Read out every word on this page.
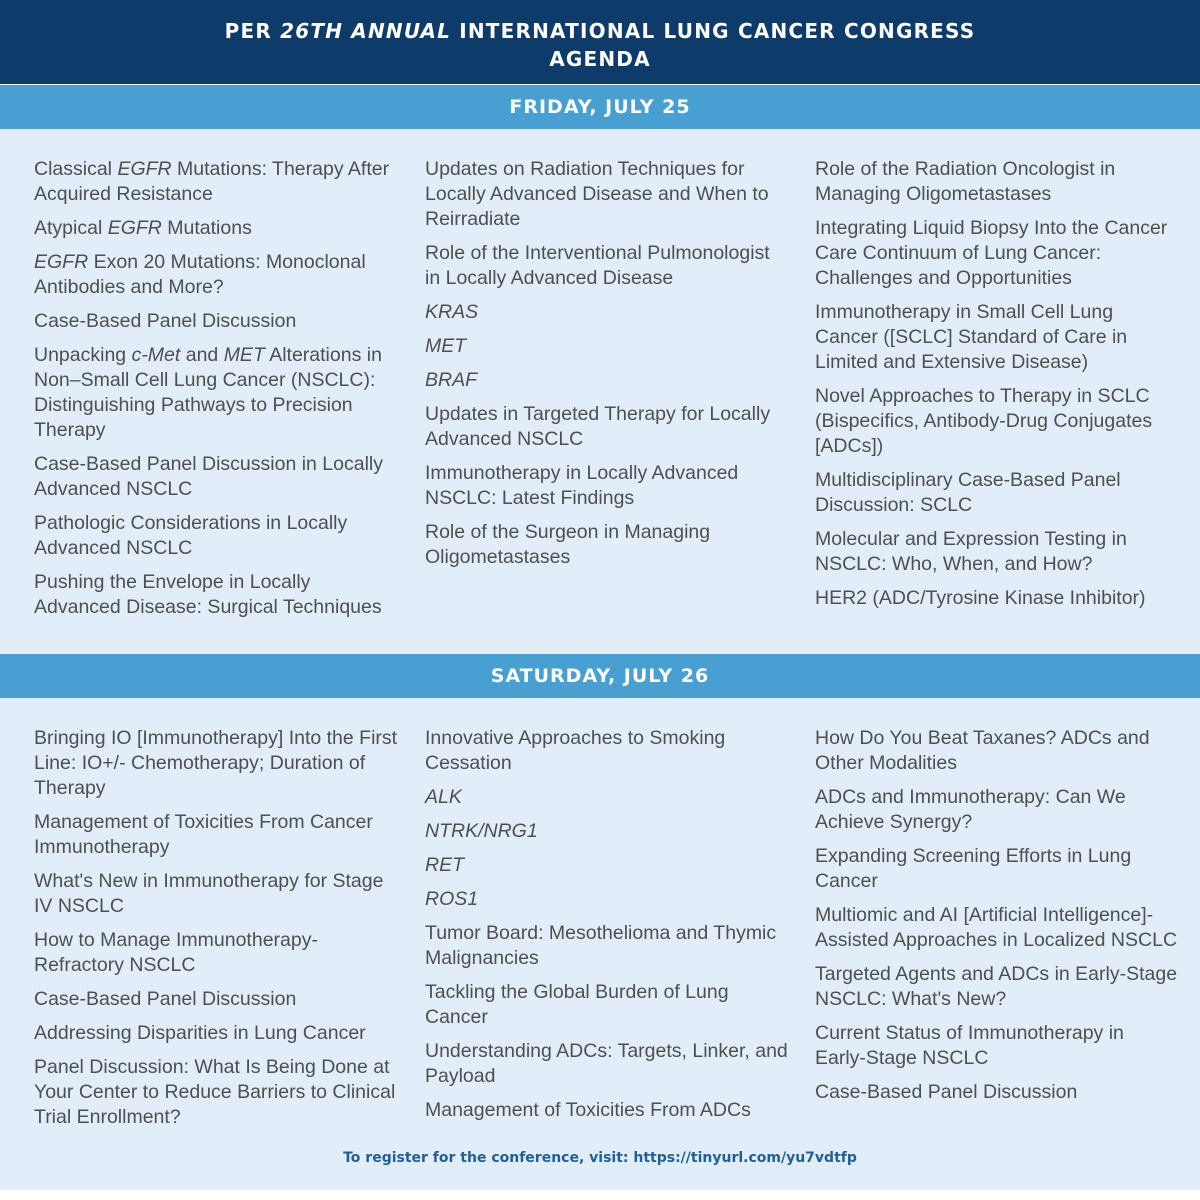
PER 26TH ANNUAL INTERNATIONAL LUNG CANCER CONGRESS
AGENDA
FRIDAY, JULY 25
Classical EGFR Mutations: Therapy After Acquired Resistance
Atypical EGFR Mutations
EGFR Exon 20 Mutations: Monoclonal Antibodies and More?
Case-Based Panel Discussion
Unpacking c-Met and MET Alterations in Non–Small Cell Lung Cancer (NSCLC): Distinguishing Pathways to Precision Therapy
Case-Based Panel Discussion in Locally Advanced NSCLC
Pathologic Considerations in Locally Advanced NSCLC
Pushing the Envelope in Locally Advanced Disease: Surgical Techniques
Updates on Radiation Techniques for Locally Advanced Disease and When to Reirradiate
Role of the Interventional Pulmonologist in Locally Advanced Disease
KRAS
MET
BRAF
Updates in Targeted Therapy for Locally Advanced NSCLC
Immunotherapy in Locally Advanced NSCLC: Latest Findings
Role of the Surgeon in Managing Oligometastases
Role of the Radiation Oncologist in Managing Oligometastases
Integrating Liquid Biopsy Into the Cancer Care Continuum of Lung Cancer: Challenges and Opportunities
Immunotherapy in Small Cell Lung Cancer ([SCLC] Standard of Care in Limited and Extensive Disease)
Novel Approaches to Therapy in SCLC (Bispecifics, Antibody-Drug Conjugates [ADCs])
Multidisciplinary Case-Based Panel Discussion: SCLC
Molecular and Expression Testing in NSCLC: Who, When, and How?
HER2 (ADC/Tyrosine Kinase Inhibitor)
SATURDAY, JULY 26
Bringing IO [Immunotherapy] Into the First Line: IO+/- Chemotherapy; Duration of Therapy
Management of Toxicities From Cancer Immunotherapy
What's New in Immunotherapy for Stage IV NSCLC
How to Manage Immunotherapy-Refractory NSCLC
Case-Based Panel Discussion
Addressing Disparities in Lung Cancer
Panel Discussion: What Is Being Done at Your Center to Reduce Barriers to Clinical Trial Enrollment?
Innovative Approaches to Smoking Cessation
ALK
NTRK/NRG1
RET
ROS1
Tumor Board: Mesothelioma and Thymic Malignancies
Tackling the Global Burden of Lung Cancer
Understanding ADCs: Targets, Linker, and Payload
Management of Toxicities From ADCs
How Do You Beat Taxanes? ADCs and Other Modalities
ADCs and Immunotherapy: Can We Achieve Synergy?
Expanding Screening Efforts in Lung Cancer
Multiomic and AI [Artificial Intelligence]-Assisted Approaches in Localized NSCLC
Targeted Agents and ADCs in Early-Stage NSCLC: What's New?
Current Status of Immunotherapy in Early-Stage NSCLC
Case-Based Panel Discussion
To register for the conference, visit: https://tinyurl.com/yu7vdtfp
